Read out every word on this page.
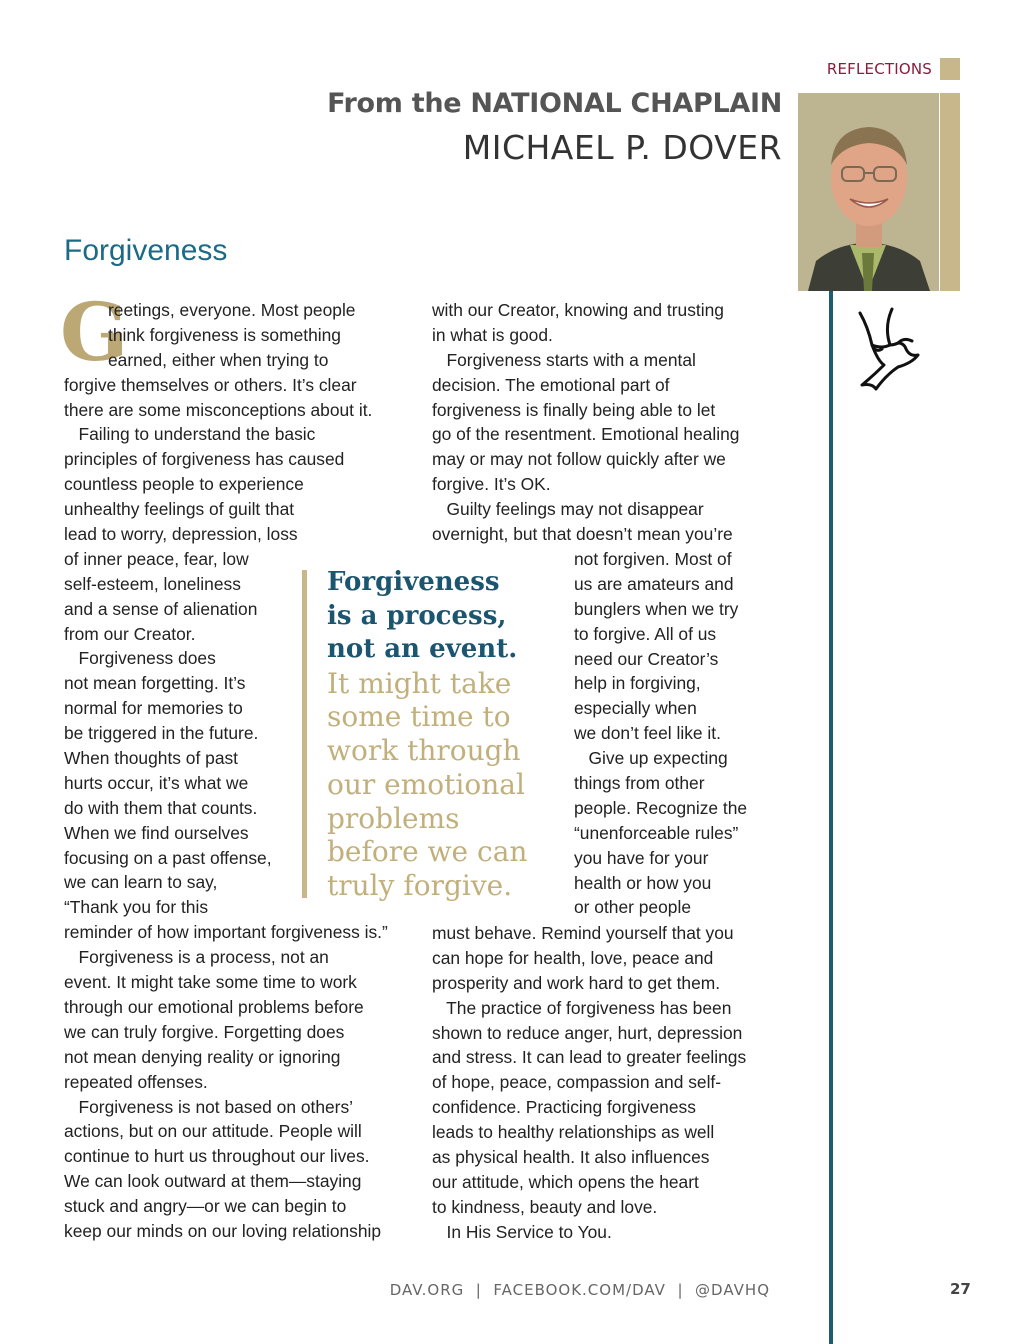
REFLECTIONS
From the NATIONAL CHAPLAIN
MICHAEL P. DOVER
Forgiveness
G
reetings, everyone. Most people
think forgiveness is something
earned, either when trying to
forgive themselves or others. It’s clear
there are some misconceptions about it.
Failing to understand the basic
principles of forgiveness has caused
countless people to experience
unhealthy feelings of guilt that
lead to worry, depression, loss
of inner peace, fear, low
self-esteem, loneliness
and a sense of alienation
from our Creator.
Forgiveness does
not mean forgetting. It’s
normal for memories to
be triggered in the future.
When thoughts of past
hurts occur, it’s what we
do with them that counts.
When we find ourselves
focusing on a past offense,
we can learn to say,
“Thank you for this
reminder of how important forgiveness is.”
Forgiveness is a process, not an
event. It might take some time to work
through our emotional problems before
we can truly forgive. Forgetting does
not mean denying reality or ignoring
repeated offenses.
Forgiveness is not based on others’
actions, but on our attitude. People will
continue to hurt us throughout our lives.
We can look outward at them—staying
stuck and angry—or we can begin to
keep our minds on our loving relationship
with our Creator, knowing and trusting
in what is good.
Forgiveness starts with a mental
decision. The emotional part of
forgiveness is finally being able to let
go of the resentment. Emotional healing
may or may not follow quickly after we
forgive. It’s OK.
Guilty feelings may not disappear
overnight, but that doesn’t mean you’re
not forgiven. Most of
us are amateurs and
bunglers when we try
to forgive. All of us
need our Creator’s
help in forgiving,
especially when
we don’t feel like it.
Give up expecting
things from other
people. Recognize the
“unenforceable rules”
you have for your
health or how you
or other people
must behave. Remind yourself that you
can hope for health, love, peace and
prosperity and work hard to get them.
The practice of forgiveness has been
shown to reduce anger, hurt, depression
and stress. It can lead to greater feelings
of hope, peace, compassion and self-
confidence. Practicing forgiveness
leads to healthy relationships as well
as physical health. It also influences
our attitude, which opens the heart
to kindness, beauty and love.
In His Service to You.
Forgiveness
is a process,
not an event.
It might take
some time to
work through
our emotional
problems
before we can
truly forgive.
DAV.ORG  |  FACEBOOK.COM/DAV  |  @DAVHQ	27
